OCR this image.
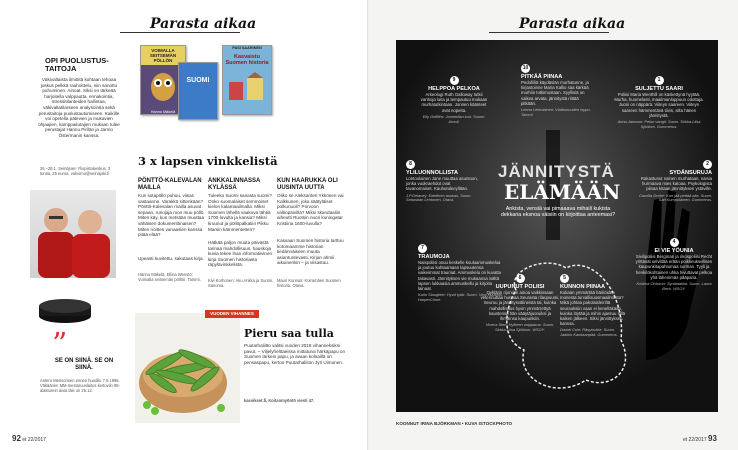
Parasta aikaa
OPI PUOLUSTUS-TAITOJA
Väkivaltaista ilmiöitä kohtaan tehoaa joskus pelkkä rauhoittelu, niin sanottu puhuminen. Ainoat. Siksi on tärkeää harjoitella valppautta, ennakointia, stressitilanteiden hallintaa, väkivaltatilanteen analysointia sekä perustaitoja puolustautumiseen. Kaikille voi opetella pätevien ja mukavien ohjaajien, kamppailutajien mukaan tulee perustajat Hannu Pirilän ja Jarmo Östermanin kanssa.
26.–28.1. Seinäjoen Yliopistokeskus, 3 tuntia, 25 euroa. valvomo@seinajoki.fi
”
SE ON SIINÄ. SE ON SIINÄ.
Antero Merisorinen ennen huodilu 7.5.1995. Väkäänen MM-mestaruuslaitos kertoviin 95-alakturein aivia läis on 25.12.
VOIMALLA SEITSEMÄN PÖLLÖN
Hannu Mäkelä
SUOMI
PASI SAARINEN
Kasvaistu Suomen historia
3 x lapsen vinkkelistä
PÖNTTÖ-KALEVALAN MAILLA
Kun sotapöllö puhuu, viisas vastaanne. Varakkö sittenkään? Pönttö-Kalevalan mailla asuvat sepaan, runojaja mon muu pöllö. Miten käy, kun metsään muuttaa vähäisen dokumenttinaisen? Miten noitten vanaasien kanssa pitää elää?
Upeasti kuvitettu, sakutaas kirja.
Hannu Mäkelä, Ellina Wenstö: Voimalla seitsemän pöllön. Tammi.
ANKKALINNASSA KYLÄSSÄ
Tuleeko Suomi sanasta suomi? Onko suomalaiset semmoiset kielon kalamaailmalla. Miksi Suomen lähellä vaakuva tähtiä 1700-luvulta ja kansia? Miksi kruunut ja pöllöpalkatiin Pikku Marsin kämmentetten?
Hätkää paljon muuta päivästä tarinaa mahdollisuus, hauskoja kuvia tekee ihan informatiivinen kirja Suomen historiasta räpylävinkkelistä.
Kivi Korhonen: Aku Ankka ja Suomi. Sanoma.
KUN HAARUKKA OLI UUSINTA UUTTA
Oliko se Aleksanteri Ykkönen vai Kalkkunen, joka säätyläiset polkunuoli? Porvoon valtiopäivillä? Miksi skandaaliin aiheutti Ruotsin nuori kuningatar Kristiina 1600-luvulla?
Kasvaan Suomen historia tarttuu kotomaamme historian tiedännäiseen muuta asiantuntevasti. Kirjan ahmii aikuinenkin – ja viisastuu.
Mauri Kunnas: Koiramäen Suomen historia. Otava.
VUODEN VIHANNES
Pieru saa tulla
Puutarhaliitto valitsi vuoden 2018 vihanneksiksi pavut. – Viljelyhelttaeissa mittatuna härkäpapu on Suomen tärkein papu, ja avaan kolnaillä on pensaspapu, kertoo Puutarhaliiton Jyri Uimonen.
kasvikset.fi, Koitanmyöntö viesti 47.
92 et 22/2017
Parasta aikaa
JÄNNITYSTÄ
ELÄMÄÄN
Ankista, vensiä vai pimaaava mihaili kukista dekkaria eksnoa väisiin on kirjoittaa anteemasi?
9
HELPPOA PELKOA
Arkeologi Ruth Galloway tutkii vanhoja luita ja tempautuu mukaan murhatutkintaan. Jonnen käänteet ovat nopeita.
Elly Griffiths: Jonnerilan luut. Suomi. Arnoli.
10
PITKÄÄ PIINAA
Pedofiiliä käydäsiän murhatunne, ja kirjastoinne Maria Kallio saa kärkää murhiin tutkimustaan. Syyllisiä on vaikea arvata, jännitystä riittää pitkään.
Leena Lehtolainen: Viattomuuden loppu. Tammi.
1
SULJETTU SAARI
Poliisi Maria Wenthill on käskettynä hyytää. Murha, huomelasti, maailmanloppuun odottaja. Juoni on näppärä. Viiteyn saareen. Viiteyn saareen hämmentävä tiivis, silta hänen jännitystä.
Anna Jansson: Pelon vangit. Suom. Sirkka-Liisa Sjöblom. Gummerus.
8
YLILUONNOLLISTA
Lontoolainen Jane muuttaa asuntoon, jonka vuokraehdot ovat tavanomaiset. Kauhutuleeyllään.
J.P.Delaney: Edellinen asukas. Suom. Sebastian Lehtonen. Otava.
2
SYDÄNSURUJA
Rakastunut nainen murhataan, naisia hurmaava mies katoaa. Psykologista piinaa kitaan jännittyksen ystäville.
Camilla Grebe: Kun jää pettää alta. Suom. Sari Kumpulainen. Gummerus.
7
TRAUMOJA
Naispoliisi osuu keskelle kouluammuskelua ja joutuu kohtaamaan lapsuutensa vaikeimmat traumat. Ammuskelu on kuvattu taitavasti. Jännityksen vie mukaansa isältä lapsen lukkaasia ammuskellu ja kirjoita lainaat.
Karin Slaughter: Hyvä tytär. Suom. Virpi Kuusela. HarperCrime.
6
UUPUNUT POLIISI
Oyklärin rijonialn ainoa vaikkissaan vetennuttaa hurmaa Seurasta rilaupuumi, Seuruu ja jännitysvälineistä tai, kuinka mahdollisuus hyvin ymmärrettyä kaustensa hän vääytäjuoruiksi ja ihmäinsa kaupunkiin.
Viveca Sten: Hylkeen vaipparuo. Suom. Sirkka-Liisa Sjöblom. WSOY.
5
KUNNON PIINAA
Kukaan ymmärtää häiriöiden monesta turvallisuusmaailmasta? Mikä johtaa pakolaisleiriltä seurauksiin vaan ei kenelläkään, kuinka löytää ja mihin ajantuu sillä kaiken jälkeen. Siksi jännittyksen kanssa.
Daniel Cole: Räsynukke. Suom. Jaakko Kankaanpää. Gummerus.
4
EI VIE YÖUNIA
Sivilipoliisi Bergman ja rikospoliisi Recht yrittävät selvittää erään poikkeuksellisen kaupunkitapahtumaa surman. Tyyli ja henkilökohtainen uhka hivuttavat pelkoa yhä lähemmäs pääparia.
Kristina Ohlsson: Syntitaakka. Suom. Laura Beck. WSOY.
KOONNUT IRINA BJÖRKMAN • KUVA ISTOCKPHOTO
et 22/2017 93
